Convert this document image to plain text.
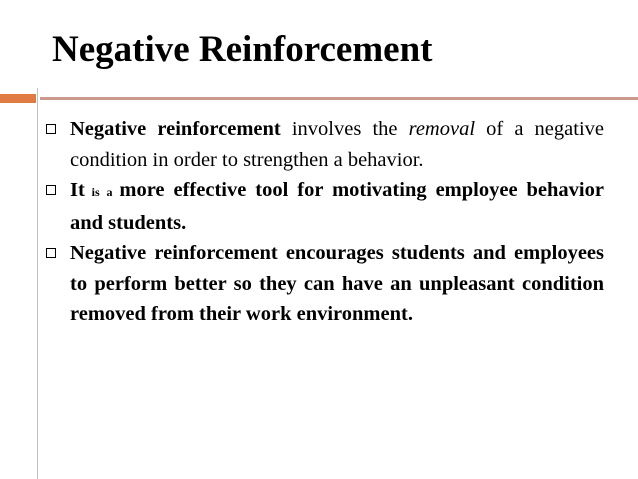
Negative Reinforcement
Negative reinforcement involves the removal of a negative condition in order to strengthen a behavior.
It is a more effective tool for motivating employee behavior and students.
Negative reinforcement encourages students and employees to perform better so they can have an unpleasant condition removed from their work environment.
